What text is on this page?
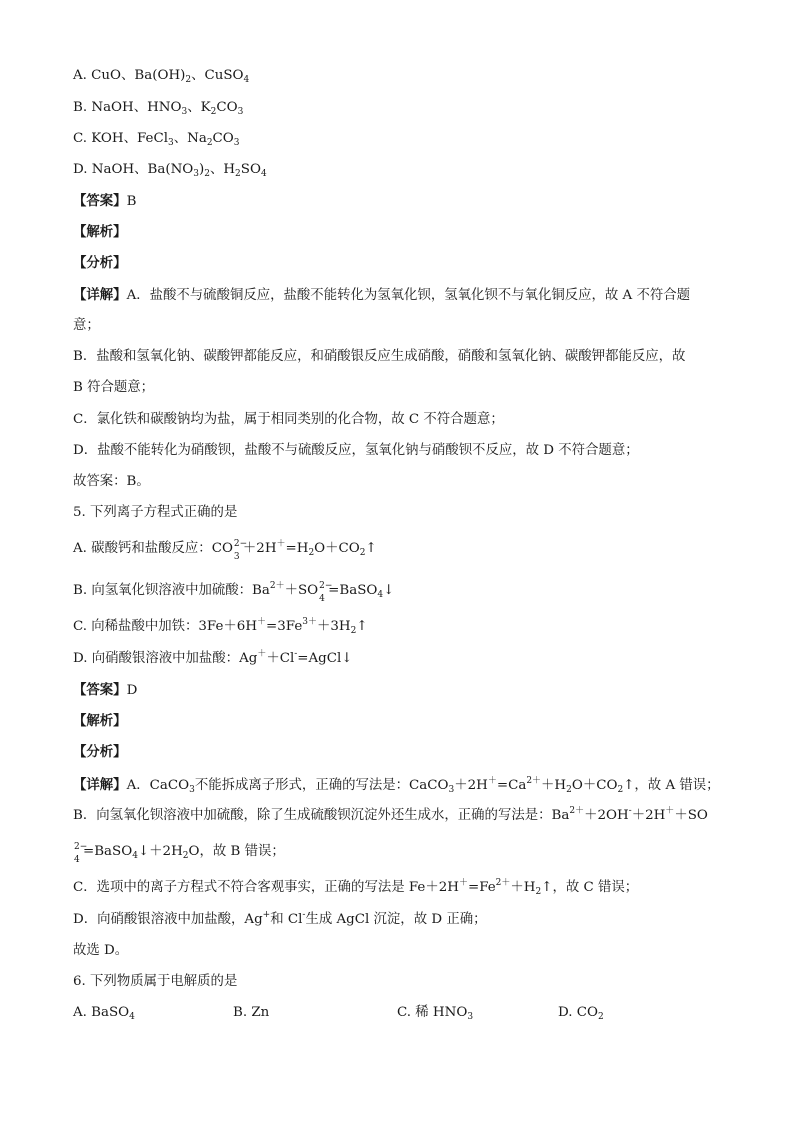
A. CuO、$Ba(OH)_2$、CuSO$_4$
B. NaOH、$HNO_3$、$K_2CO_3$
C. KOH、FeCl$_3$、$Na_2CO_3$
D. NaOH、$Ba(NO_3)_2$、$H_2SO_4$
【答案】B
【解析】
【分析】
【详解】A．盐酸不与硫酸铜反应，盐酸不能转化为氢氧化钡，氢氧化钡不与氧化铜反应，故 A 不符合题
意；
B．盐酸和氢氧化钠、碳酸钾都能反应，和硝酸银反应生成硝酸，硝酸和氢氧化钠、碳酸钾都能反应，故
B 符合题意；
C．氯化铁和碳酸钠均为盐，属于相同类别的化合物，故 C 不符合题意；
D．盐酸不能转化为硝酸钡，盐酸不与硫酸反应，氢氧化钠与硝酸钡不反应，故 D 不符合题意；
故答案：B。
5. 下列离子方程式正确的是
A. 碳酸钙和盐酸反应：CO 2−
3
$+2H^+=H_2O+CO_2↑$
B. 向氢氧化钡溶液中加硫酸：$Ba^{2+}+SO$ 2−
4
=BaSO$_4$↓
C. 向稀盐酸中加铁：$3Fe+6H^+=3Fe^{3+}+3H_2↑$
D. 向硝酸银溶液中加盐酸：Ag＋＋Cl-=AgCl↓
【答案】D
【解析】
【分析】
【详解】A．CaCO$_3$不能拆成离子形式，正确的写法是：$CaCO_3+2H^+=Ca^{2+}+H_2O+CO_2↑$，故 A 错误；
B．向氢氧化钡溶液中加硫酸，除了生成硫酸钡沉淀外还生成水，正确的写法是：$Ba^{2+}+2OH^-+2H^++SO$
2−
4
$=BaSO_4↓+2H_2O$，故 B 错误；
C．选项中的离子方程式不符合客观事实，正确的写法是 $Fe+2H^+=Fe^{2+}+H_2↑$，故 C 错误；
D．向硝酸银溶液中加盐酸，Ag+和 Cl-生成 AgCl 沉淀，故 D 正确；
故选 D。
6. 下列物质属于电解质的是
A. BaSO$_4$	B. Zn	C. 稀 $HNO_3$	D. $CO_2$
